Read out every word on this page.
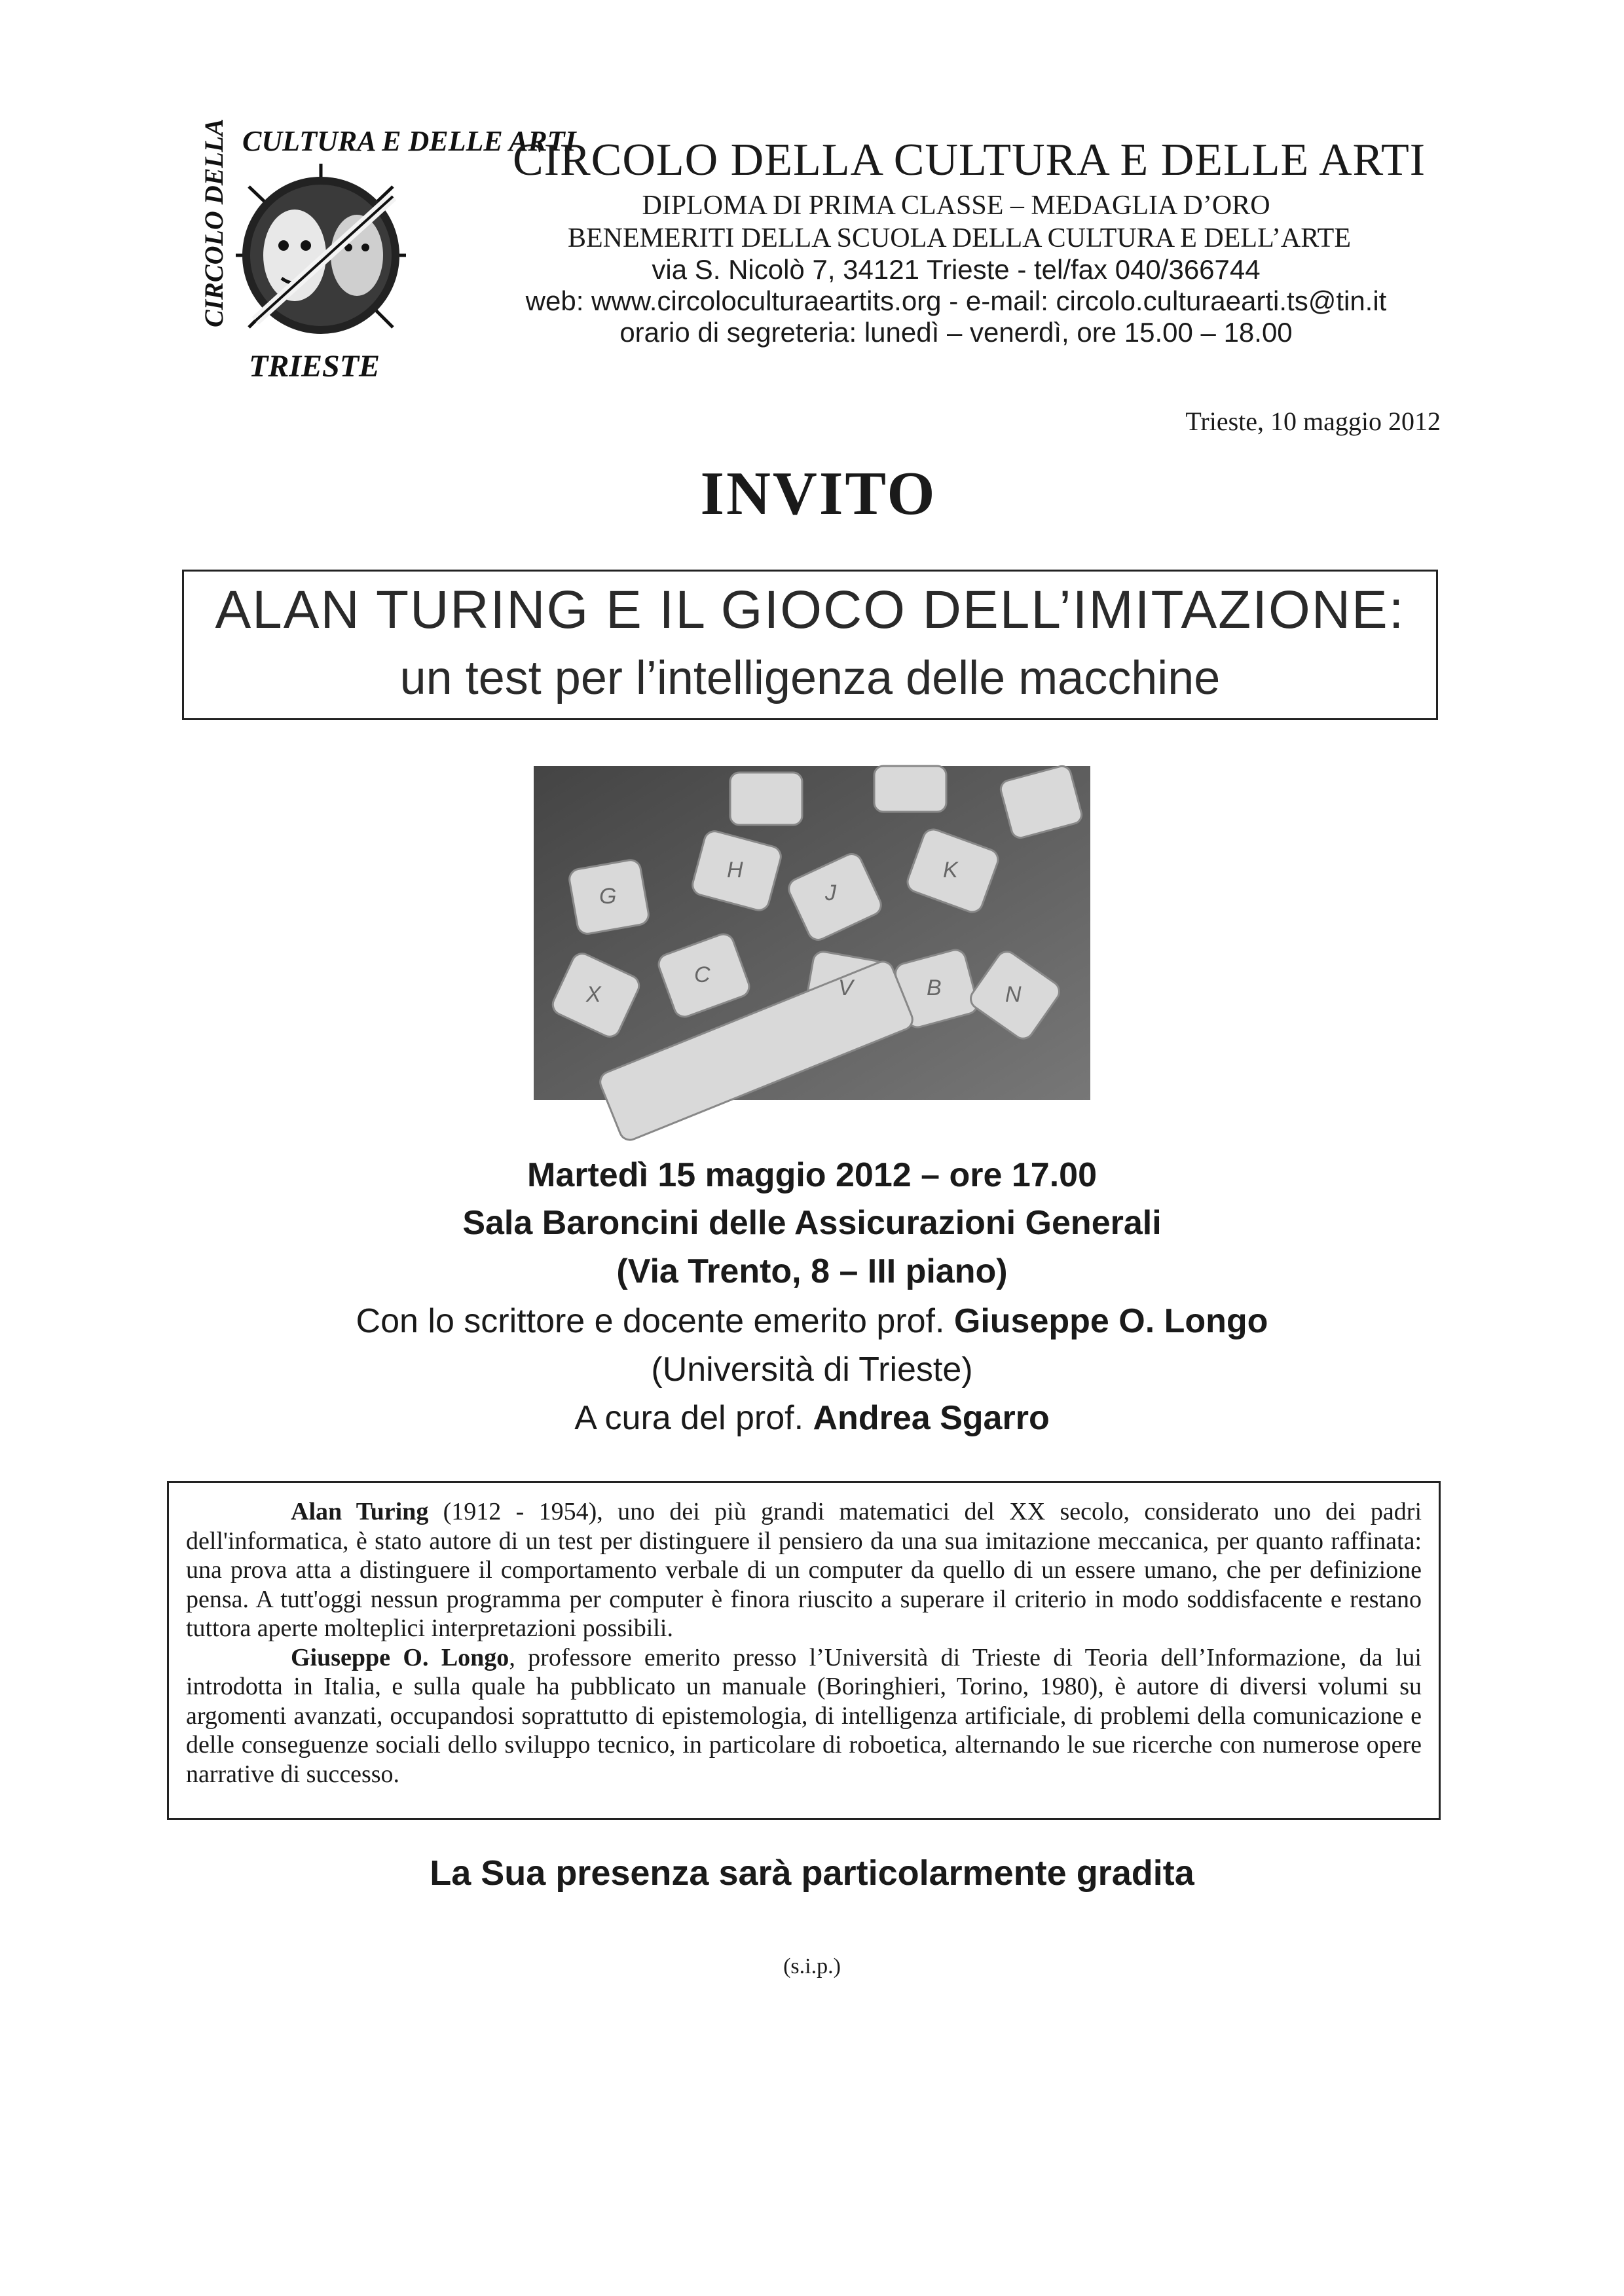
CULTURA E DELLE ARTI
TRIESTE
CIRCOLO DELLA	CIRCOLO DELLA CULTURA E DELLE ARTI
DIPLOMA DI PRIMA CLASSE – MEDAGLIA D’ORO
BENEMERITI DELLA SCUOLA DELLA CULTURA E DELL’ARTE
via S. Nicolò 7, 34121 Trieste - tel/fax 040/366744
web: www.circoloculturaeartits.org - e-mail: circolo.culturaearti.ts@tin.it
orario di segreteria: lunedì – venerdì, ore 15.00 – 18.00
Trieste, 10 maggio 2012
INVITO
ALAN TURING E IL GIOCO DELL’IMITAZIONE:
un test per l’intelligenza delle macchine
G
H
J
K
X
C
V	B	N
Martedì 15 maggio 2012 – ore 17.00
Sala Baroncini delle Assicurazioni Generali
(Via Trento, 8 – III piano)
Con lo scrittore e docente emerito prof. Giuseppe O. Longo
(Università di Trieste)
A cura del prof. Andrea Sgarro

Alan Turing (1912 - 1954), uno dei più grandi matematici del XX secolo, considerato uno dei padri dell'informatica, è stato autore di un test per distinguere il pensiero da una sua imitazione meccanica, per quanto raffinata: una prova atta a distinguere il comportamento verbale di un computer da quello di un essere umano, che per definizione pensa. A tutt'oggi nessun programma per computer è finora riuscito a superare il criterio in modo soddisfacente e restano tuttora aperte molteplici interpretazioni possibili.

Giuseppe O. Longo, professore emerito presso l’Università di Trieste di Teoria dell’Informazione, da lui introdotta in Italia, e sulla quale ha pubblicato un manuale (Boringhieri, Torino, 1980), è autore di diversi volumi su argomenti avanzati, occupandosi soprattutto di epistemologia, di intelligenza artificiale, di problemi della comunicazione e delle conseguenze sociali dello sviluppo tecnico, in particolare di roboetica, alternando le sue ricerche con numerose opere narrative di successo.

La Sua presenza sarà particolarmente gradita
(s.i.p.)
